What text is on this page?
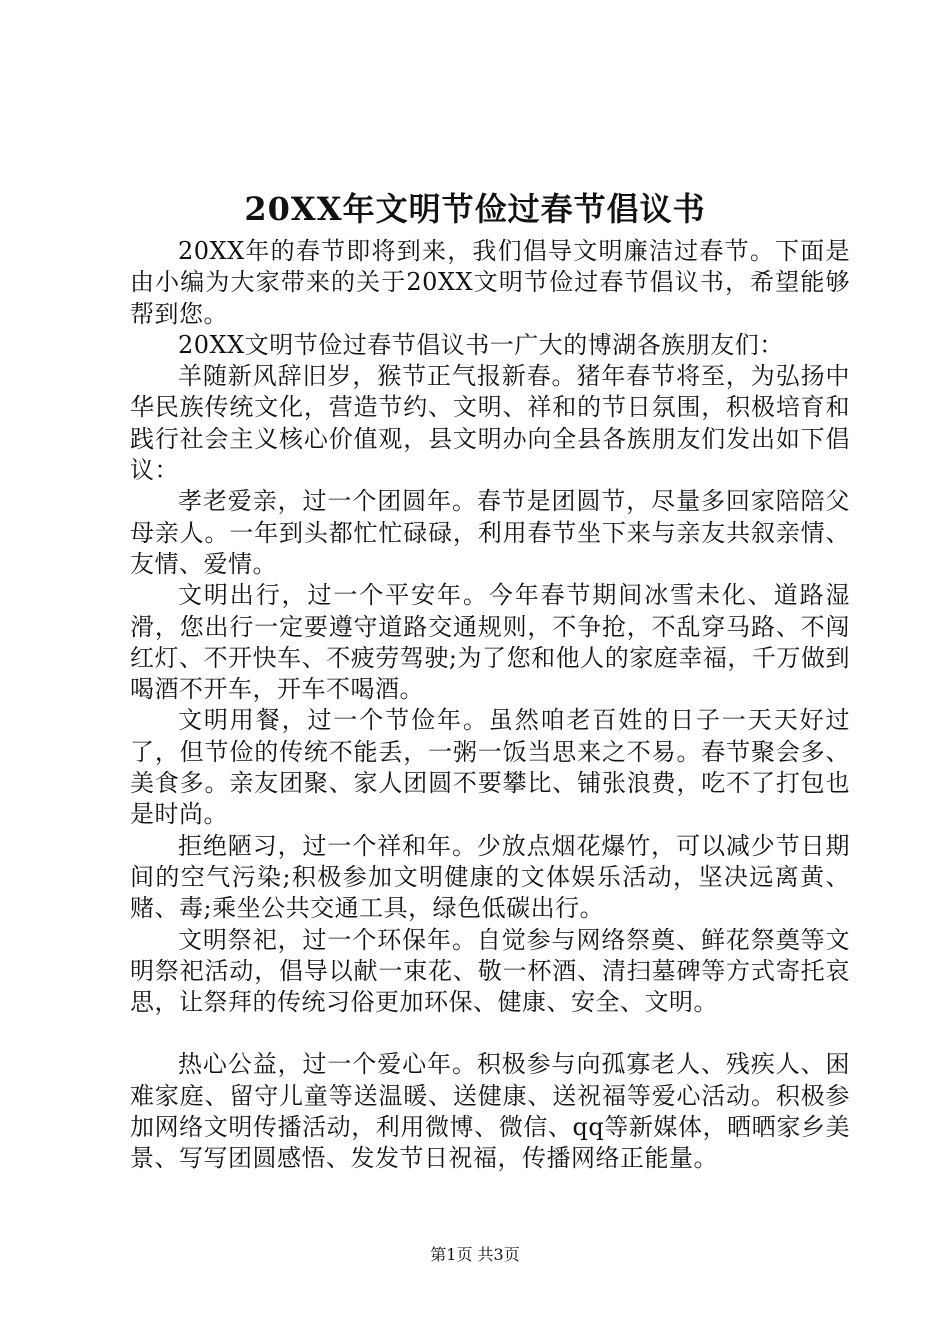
20XX年文明节俭过春节倡议书

20XX年的春节即将到来，我们倡导文明廉洁过春节。下面是由小编为大家带来的关于20XX文明节俭过春节倡议书，希望能够帮到您。

20XX文明节俭过春节倡议书一广大的博湖各族朋友们：

羊随新风辞旧岁，猴节正气报新春。猪年春节将至，为弘扬中华民族传统文化，营造节约、文明、祥和的节日氛围，积极培育和践行社会主义核心价值观，县文明办向全县各族朋友们发出如下倡议：

孝老爱亲，过一个团圆年。春节是团圆节，尽量多回家陪陪父母亲人。一年到头都忙忙碌碌，利用春节坐下来与亲友共叙亲情、友情、爱情。

文明出行，过一个平安年。今年春节期间冰雪未化、道路湿滑，您出行一定要遵守道路交通规则，不争抢，不乱穿马路、不闯红灯、不开快车、不疲劳驾驶;为了您和他人的家庭幸福，千万做到喝酒不开车，开车不喝酒。

文明用餐，过一个节俭年。虽然咱老百姓的日子一天天好过了，但节俭的传统不能丢，一粥一饭当思来之不易。春节聚会多、美食多。亲友团聚、家人团圆不要攀比、铺张浪费，吃不了打包也是时尚。

拒绝陋习，过一个祥和年。少放点烟花爆竹，可以减少节日期间的空气污染;积极参加文明健康的文体娱乐活动，坚决远离黄、赌、毒;乘坐公共交通工具，绿色低碳出行。

文明祭祀，过一个环保年。自觉参与网络祭奠、鲜花祭奠等文明祭祀活动，倡导以献一束花、敬一杯酒、清扫墓碑等方式寄托哀思，让祭拜的传统习俗更加环保、健康、安全、文明。

热心公益，过一个爱心年。积极参与向孤寡老人、残疾人、困难家庭、留守儿童等送温暖、送健康、送祝福等爱心活动。积极参加网络文明传播活动，利用微博、微信、qq等新媒体，晒晒家乡美景、写写团圆感悟、发发节日祝福，传播网络正能量。

第1页 共3页
